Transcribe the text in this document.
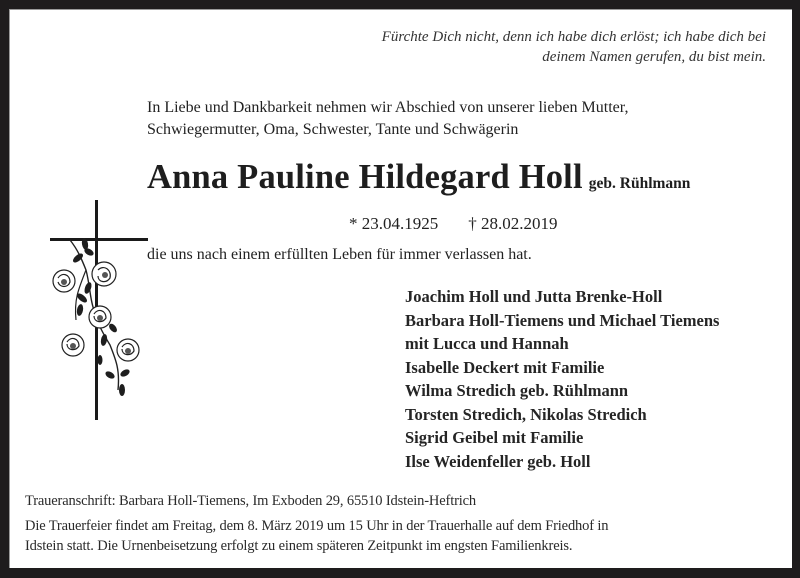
Fürchte Dich nicht, denn ich habe dich erlöst; ich habe dich bei
deinem Namen gerufen, du bist mein.
In Liebe und Dankbarkeit nehmen wir Abschied von unserer lieben Mutter,
Schwiegermutter, Oma, Schwester, Tante und Schwägerin
Anna Pauline Hildegard Holl geb. Rühlmann
* 23.04.1925 † 28.02.2019
die uns nach einem erfüllten Leben für immer verlassen hat.
Joachim Holl und Jutta Brenke-Holl
Barbara Holl-Tiemens und Michael Tiemens
mit Lucca und Hannah
Isabelle Deckert mit Familie
Wilma Stredich geb. Rühlmann
Torsten Stredich, Nikolas Stredich
Sigrid Geibel mit Familie
Ilse Weidenfeller geb. Holl
Traueranschrift: Barbara Holl-Tiemens, Im Exboden 29, 65510 Idstein-Heftrich
Die Trauerfeier findet am Freitag, dem 8. März 2019 um 15 Uhr in der Trauerhalle auf dem Friedhof in
Idstein statt. Die Urnenbeisetzung erfolgt zu einem späteren Zeitpunkt im engsten Familienkreis.
